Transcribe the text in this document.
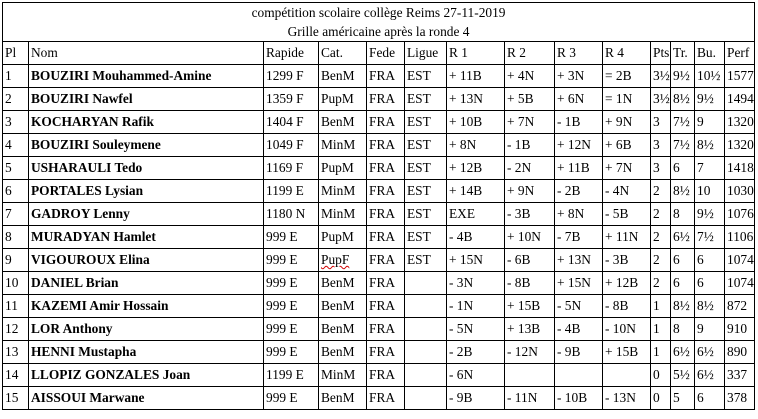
compétition scolaire collège Reims 27-11-2019													
Grille américaine après la ronde 4													
Pl	Nom	Rapide	Cat.	Fede	Ligue	R 1	R 2	R 3	R 4	Pts	Tr.	Bu.	Perf
1	BOUZIRI Mouhammed-Amine	1299 F	BenM	FRA	EST	+ 11B	+ 4N	+ 3N	= 2B	3½	9½	10½	1577
2	BOUZIRI Nawfel	1359 F	PupM	FRA	EST	+ 13N	+ 5B	+ 6N	= 1N	3½	8½	9½	1494
3	KOCHARYAN Rafik	1404 F	BenM	FRA	EST	+ 10B	+ 7N	- 1B	+ 9N	3	7½	9	1320
4	BOUZIRI Souleymene	1049 F	MinM	FRA	EST	+ 8N	- 1B	+ 12N	+ 6B	3	7½	8½	1320
5	USHARAULI Tedo	1169 F	PupM	FRA	EST	+ 12B	- 2N	+ 11B	+ 7N	3	6	7	1418
6	PORTALES Lysian	1199 E	MinM	FRA	EST	+ 14B	+ 9N	- 2B	- 4N	2	8½	10	1030
7	GADROY Lenny	1180 N	MinM	FRA	EST	EXE	- 3B	+ 8N	- 5B	2	8	9½	1076
8	MURADYAN Hamlet	999 E	PupM	FRA	EST	- 4B	+ 10N	- 7B	+ 11N	2	6½	7½	1106
9	VIGOUROUX Elina	999 E	PupF	FRA	EST	+ 15N	- 6B	+ 13N	- 3B	2	6	6	1074
10	DANIEL Brian	999 E	BenM	FRA		- 3N	- 8B	+ 15N	+ 12B	2	6	6	1074
11	KAZEMI Amir Hossain	999 E	BenM	FRA		- 1N	+ 15B	- 5N	- 8B	1	8½	8½	872
12	LOR Anthony	999 E	BenM	FRA		- 5N	+ 13B	- 4B	- 10N	1	8	9	910
13	HENNI Mustapha	999 E	BenM	FRA		- 2B	- 12N	- 9B	+ 15B	1	6½	6½	890
14	LLOPIZ GONZALES Joan	1199 E	MinM	FRA		- 6N				0	5½	6½	337
15	AISSOUI Marwane	999 E	BenM	FRA		- 9B	- 11N	- 10B	- 13N	0	5	6	378
